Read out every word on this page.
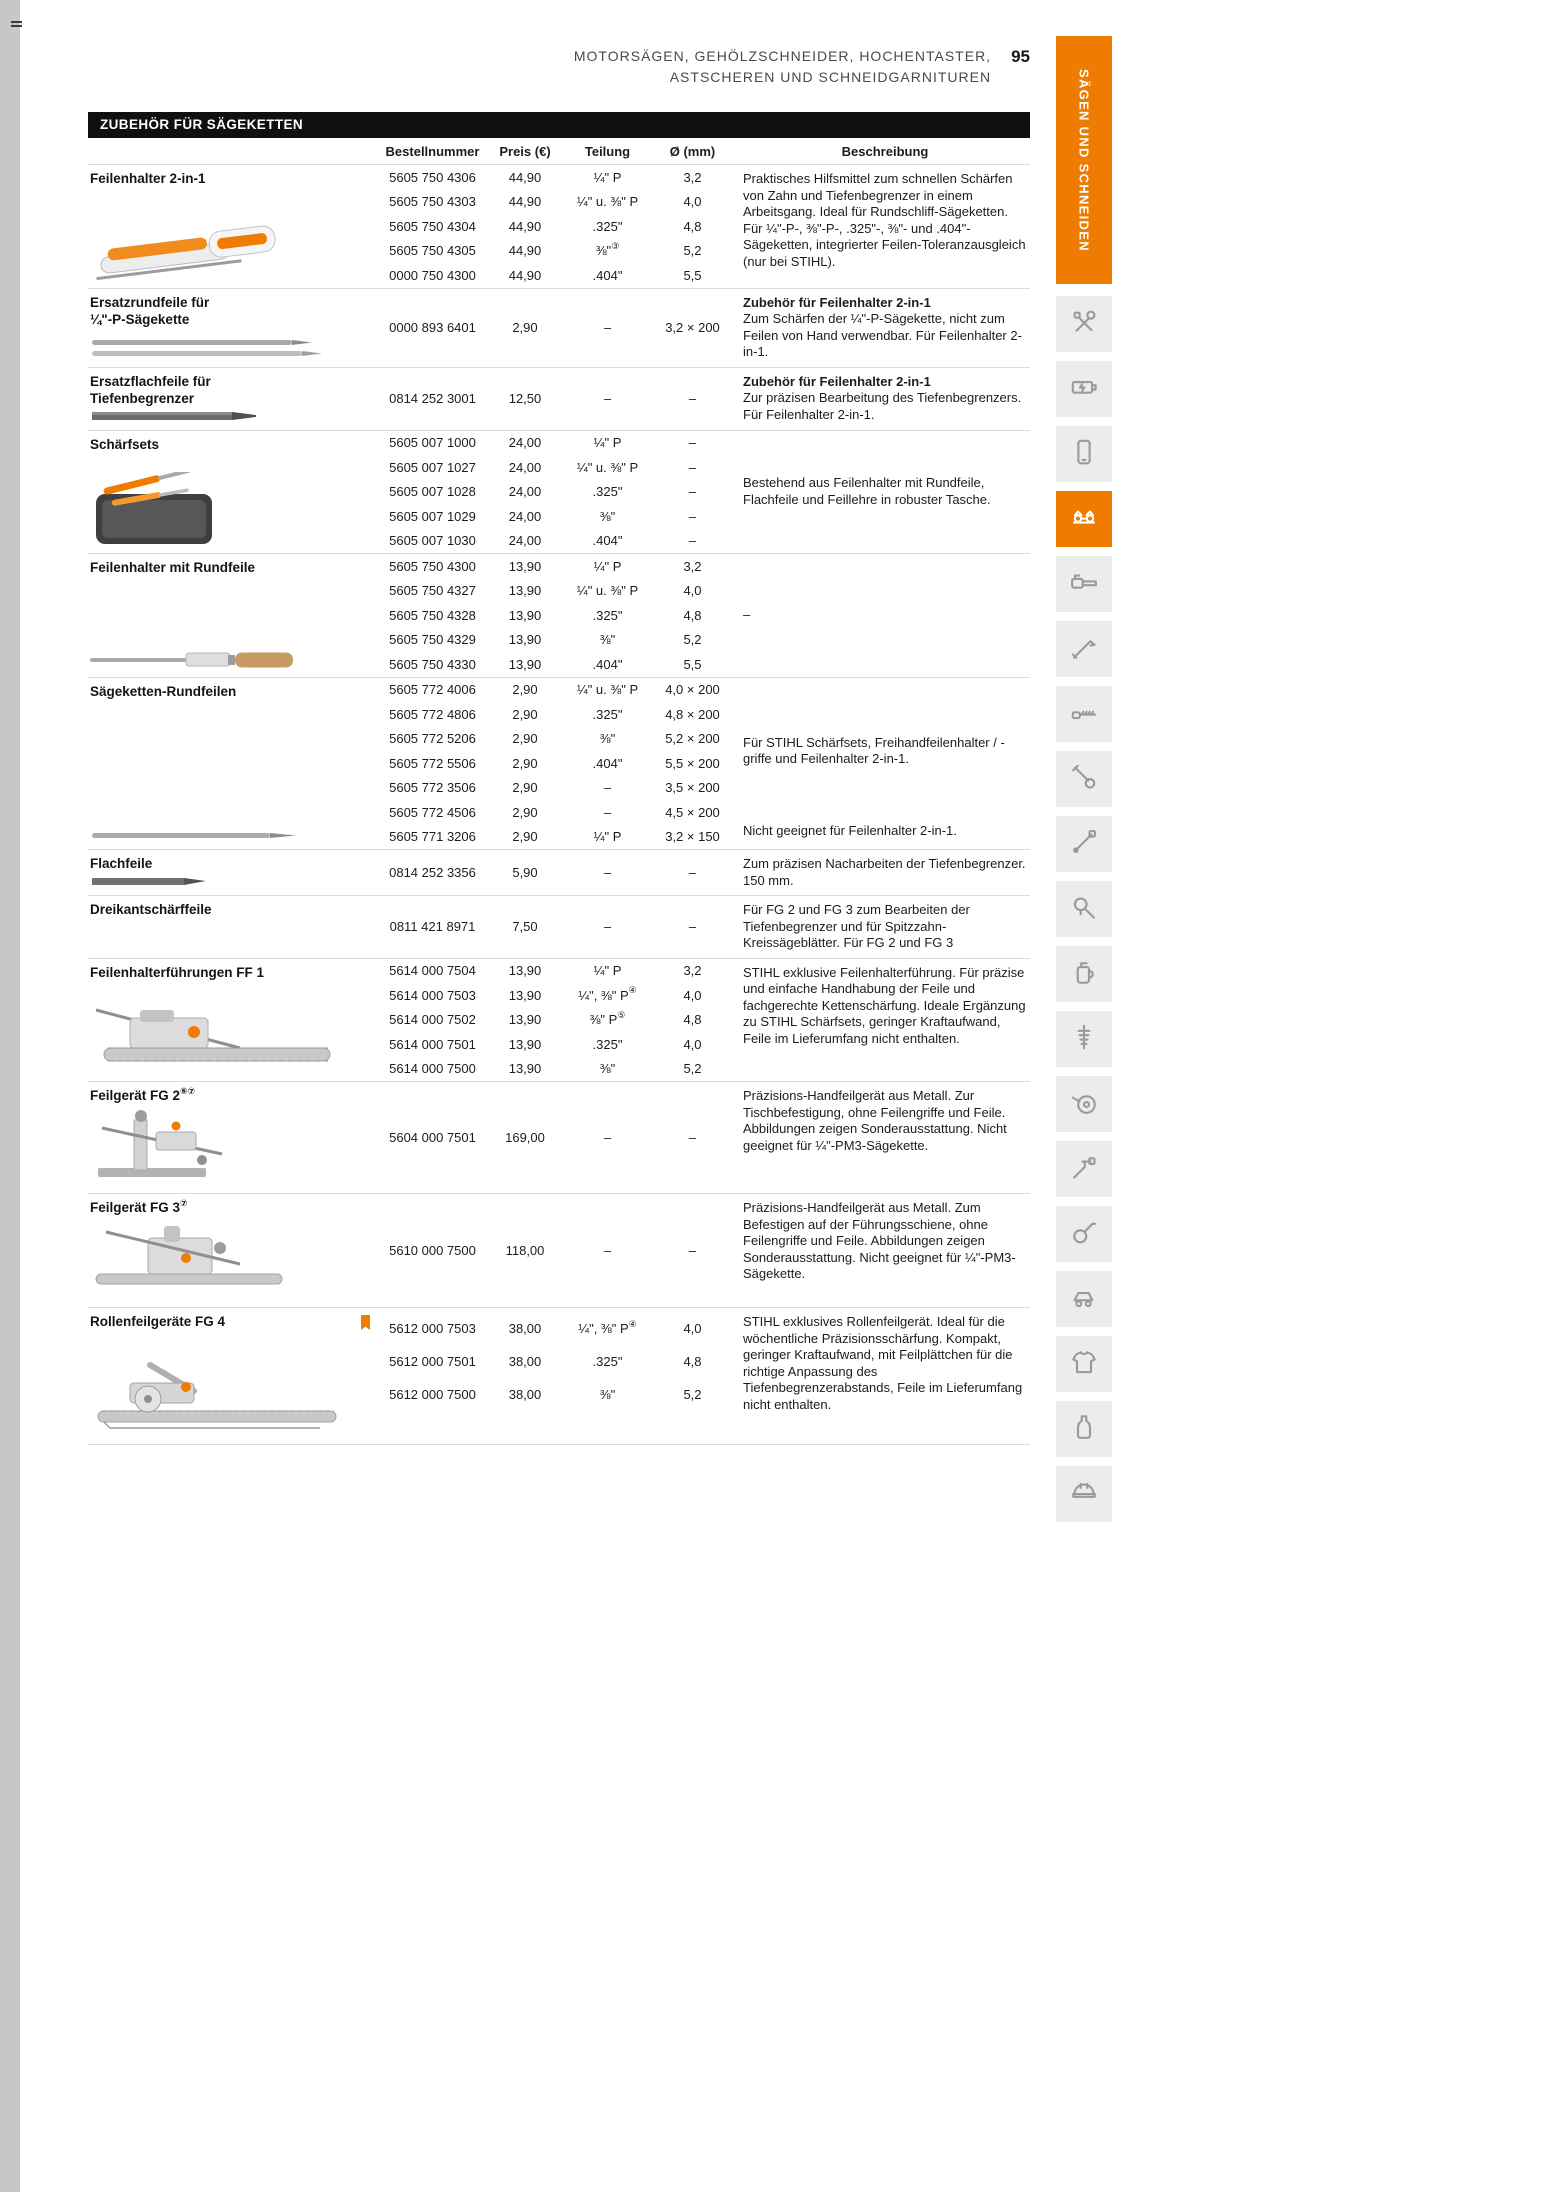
MOTORSÄGEN, GEHÖLZSCHNEIDER, HOCHENTASTER,
ASTSCHEREN UND SCHNEIDGARNITUREN
95
ZUBEHÖR FÜR SÄGEKETTEN
Bestellnummer	Preis (€)	Teilung	Ø (mm)	Beschreibung
Feilenhalter 2-in-1	5605 750 4306	44,90	¼" P	3,2
5605 750 4303	44,90	¼" u. ⅜" P	4,0
5605 750 4304	44,90	.325"	4,8
5605 750 4305	44,90	⅜"③	5,2
0000 750 4300	44,90	.404"	5,5
Praktisches Hilfsmittel zum schnellen Schärfen von Zahn und Tiefenbegrenzer in einem Arbeitsgang. Ideal für Rundschliff-Sägeketten. Für ¼"-P-, ⅜"-P-, .325"-, ⅜"- und .404"-Sägeketten, integrierter Feilen-Toleranzausgleich (nur bei STIHL).
Ersatzrundfeile für
¼"-P-Sägekette
0000 893 6401	2,90	–	3,2 × 200
Zubehör für Feilenhalter 2-in-1
Zum Schärfen der ¼"-P-Sägekette, nicht zum Feilen von Hand verwendbar. Für Feilenhalter 2-in-1.
Ersatzflachfeile für
Tiefenbegrenzer	0814 252 3001	12,50	–	–
Zubehör für Feilenhalter 2-in-1
Zur präzisen Bearbeitung des Tiefenbegrenzers. Für Feilenhalter 2-in-1.
Schärfsets	5605 007 1000	24,00	¼" P	–
5605 007 1027	24,00	¼" u. ⅜" P	–
5605 007 1028	24,00	.325"	–
5605 007 1029	24,00	⅜"	–
5605 007 1030	24,00	.404"	–
Bestehend aus Feilenhalter mit Rundfeile, Flachfeile und Feillehre in robuster Tasche.
Feilenhalter mit Rundfeile	5605 750 4300	13,90	¼" P	3,2
5605 750 4327	13,90	¼" u. ⅜" P	4,0
5605 750 4328	13,90	.325"	4,8
5605 750 4329	13,90	⅜"	5,2
5605 750 4330	13,90	.404"	5,5
–
Sägeketten-Rundfeilen	5605 772 4006	2,90	¼" u. ⅜" P	4,0 × 200
5605 772 4806	2,90	.325"	4,8 × 200
5605 772 5206	2,90	⅜"	5,2 × 200
5605 772 5506	2,90	.404"	5,5 × 200
5605 772 3506	2,90	–	3,5 × 200
5605 772 4506	2,90	–	4,5 × 200
5605 771 3206	2,90	¼" P	3,2 × 150
Für STIHL Schärfsets, Freihandfeilenhalter / -griffe und Feilenhalter 2-in-1.
Nicht geeignet für Feilenhalter 2-in-1.
Flachfeile
0814 252 3356	5,90	–	–
Zum präzisen Nacharbeiten der Tiefenbegrenzer. 150 mm.
Dreikantschärffeile
0811 421 8971	7,50	–	–
Für FG 2 und FG 3 zum Bearbeiten der Tiefenbegrenzer und für Spitzzahn-Kreissägeblätter. Für FG 2 und FG 3
Feilenhalterführungen FF 1	5614 000 7504	13,90	¼" P	3,2
5614 000 7503	13,90	¼", ⅜" P④	4,0
5614 000 7502	13,90	⅜" P⑤	4,8
5614 000 7501	13,90	.325"	4,0
5614 000 7500	13,90	⅜"	5,2
STIHL exklusive Feilenhalterführung. Für präzise und einfache Handhabung der Feile und fachgerechte Kettenschärfung. Ideale Ergänzung zu STIHL Schärfsets, geringer Kraftaufwand, Feile im Lieferumfang nicht enthalten.
Feilgerät FG 2⑥⑦
5604 000 7501	169,00	–	–
Präzisions-Handfeilgerät aus Metall. Zur Tischbefestigung, ohne Feilengriffe und Feile. Abbildungen zeigen Sonderausstattung. Nicht geeignet für ¼"-PM3-Sägekette.
Feilgerät FG 3⑦
5610 000 7500	118,00	–	–
Präzisions-Handfeilgerät aus Metall. Zum Befestigen auf der Führungsschiene, ohne Feilengriffe und Feile. Abbildungen zeigen Sonderausstattung. Nicht geeignet für ¼"-PM3-Sägekette.
Rollenfeilgeräte FG 4	5612 000 7503	38,00	¼", ⅜" P④	4,0
5612 000 7501	38,00	.325"	4,8
5612 000 7500	38,00	⅜"	5,2
STIHL exklusives Rollenfeilgerät. Ideal für die wöchentliche Präzisionsschärfung. Kompakt, geringer Kraftaufwand, mit Feilplättchen für die richtige Anpassung des Tiefenbegrenzerabstands, Feile im Lieferumfang nicht enthalten.
SÄGEN UND SCHNEIDEN
